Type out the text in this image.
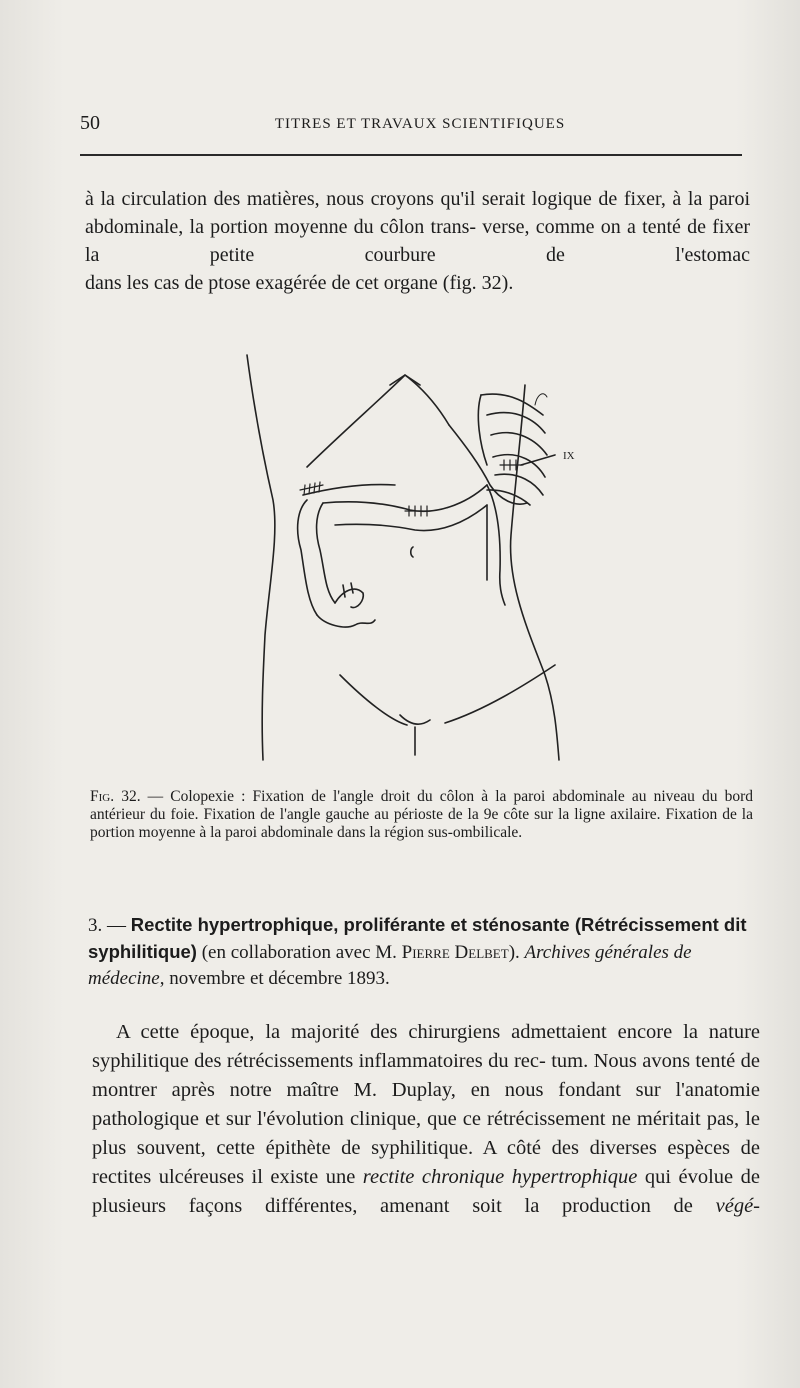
50	TITRES ET TRAVAUX SCIENTIFIQUES
à la circulation des matières, nous croyons qu'il serait logique de fixer, à la paroi abdominale, la portion moyenne du côlon trans- verse, comme on a tenté de fixer la petite courbure de l'estomac
dans les cas de ptose exagérée de cet organe (fig. 32).
IX
Fig. 32. — Colopexie : Fixation de l'angle droit du côlon à la paroi abdominale au niveau du bord antérieur du foie. Fixation de l'angle gauche au périoste de la 9e côte sur la ligne axilaire. Fixation de la portion moyenne à la paroi abdominale dans la région sus-ombilicale.
3. — Rectite hypertrophique, proliférante et sténosante (Rétrécissement dit syphilitique) (en collaboration avec M. Pierre Delbet). Archives générales de médecine, novembre et décembre 1893.
A cette époque, la majorité des chirurgiens admettaient encore la nature syphilitique des rétrécissements inflammatoires du rec- tum. Nous avons tenté de montrer après notre maître M. Duplay, en nous fondant sur l'anatomie pathologique et sur l'évolution clinique, que ce rétrécissement ne méritait pas, le plus souvent, cette épithète de syphilitique. A côté des diverses espèces de rectites ulcéreuses il existe une rectite chronique hypertrophique qui évolue de plusieurs façons différentes, amenant soit la production de végé-
